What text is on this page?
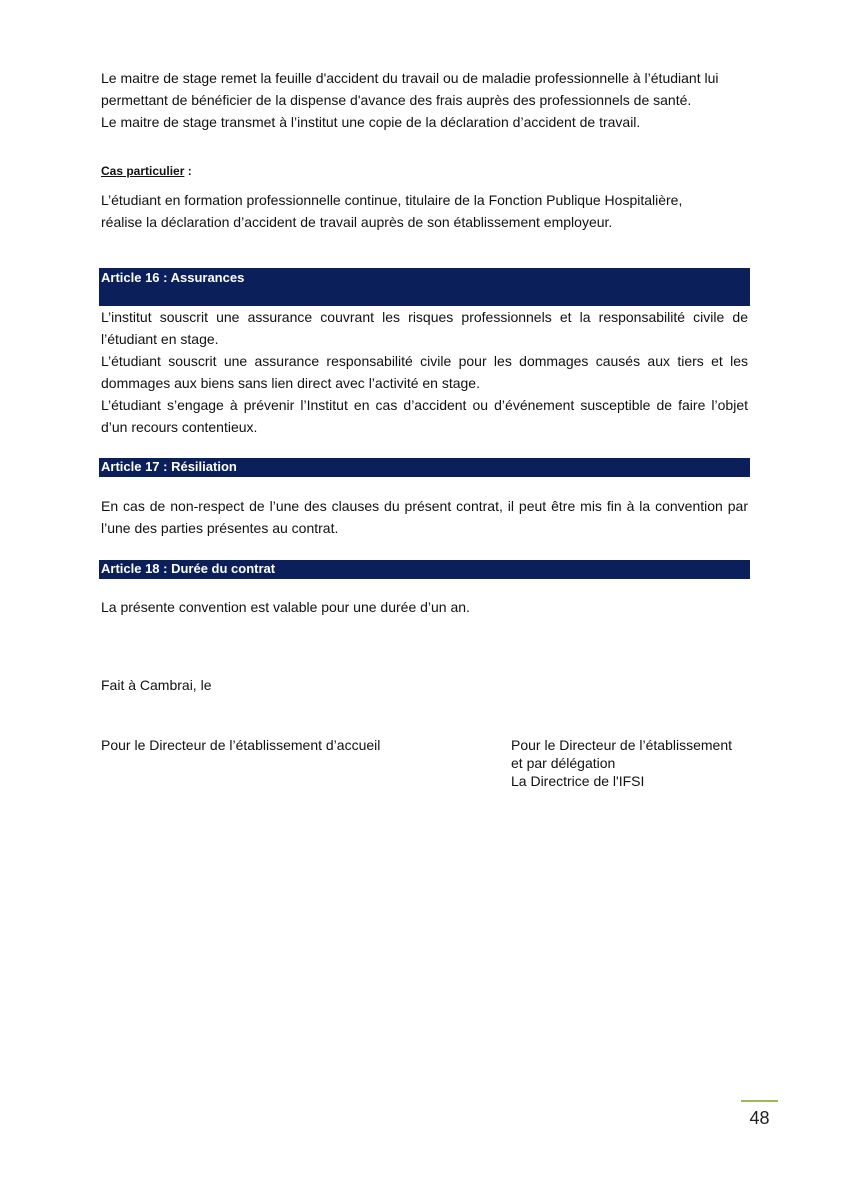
Le maitre de stage remet la feuille d'accident du travail ou de maladie professionnelle à l’étudiant lui
permettant de bénéficier de la dispense d'avance des frais auprès des professionnels de santé.
Le maitre de stage transmet à l’institut une copie de la déclaration d’accident de travail.
Cas particulier :
L’étudiant en formation professionnelle continue, titulaire de la Fonction Publique Hospitalière,
réalise la déclaration d’accident de travail auprès de son établissement employeur.
Article 16 : Assurances
L’institut souscrit une assurance couvrant les risques professionnels et la responsabilité civile de
l’étudiant en stage.
L’étudiant souscrit une assurance responsabilité civile pour les dommages causés aux tiers et les
dommages aux biens sans lien direct avec l’activité en stage.
L’étudiant s’engage à prévenir l’Institut en cas d’accident ou d’événement susceptible de faire l’objet
d’un recours contentieux.
Article 17 : Résiliation
En cas de non-respect de l’une des clauses du présent contrat, il peut être mis fin à la convention par
l’une des parties présentes au contrat.
Article 18 : Durée du contrat
La présente convention est valable pour une durée d’un an.
Fait à Cambrai, le
Pour le Directeur de l’établissement d’accueil	Pour le Directeur de l’établissement
et par délégation
La Directrice de l'IFSI
48
